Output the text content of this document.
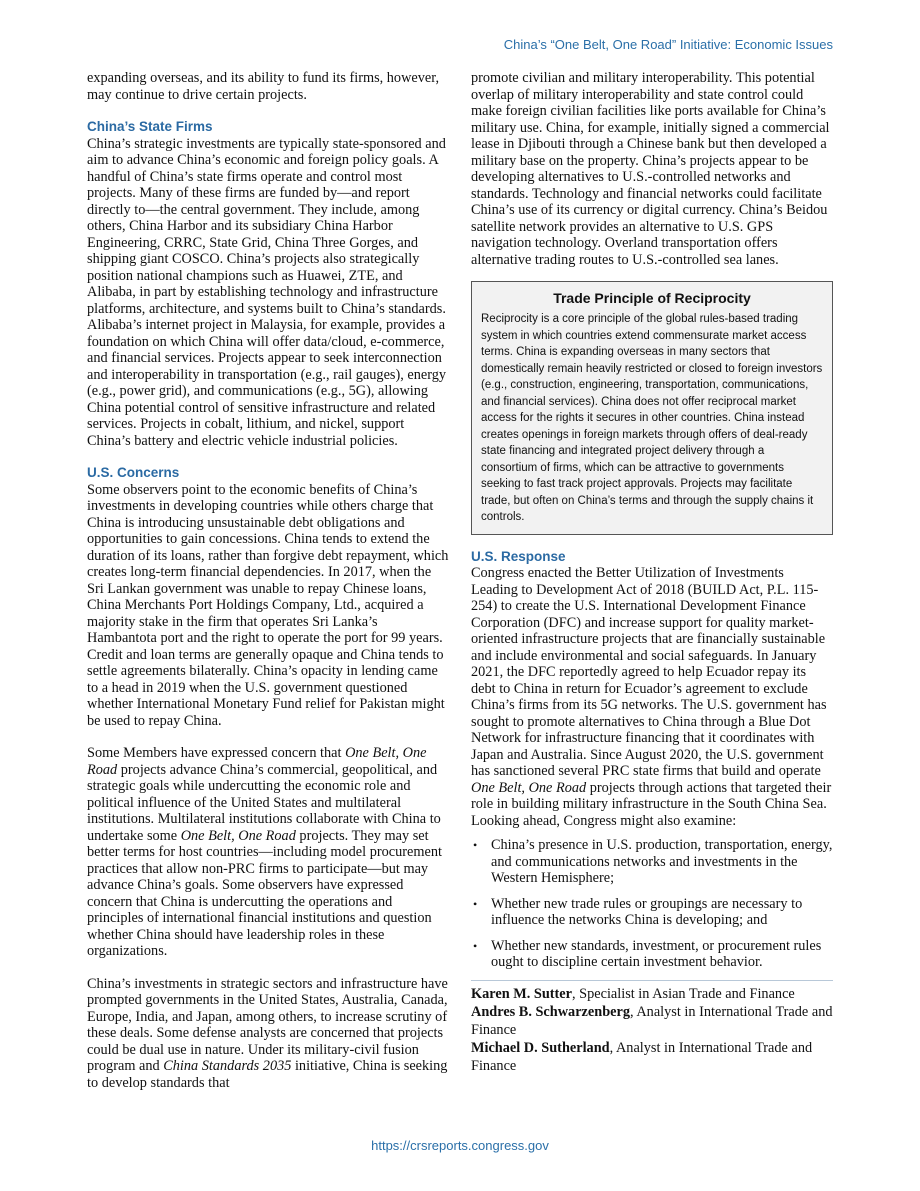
China’s “One Belt, One Road” Initiative: Economic Issues

expanding overseas, and its ability to fund its firms, however, may continue to drive certain projects.

China’s State Firms

China’s strategic investments are typically state-sponsored and aim to advance China’s economic and foreign policy goals. A handful of China’s state firms operate and control most projects. Many of these firms are funded by—and report directly to—the central government. They include, among others, China Harbor and its subsidiary China Harbor Engineering, CRRC, State Grid, China Three Gorges, and shipping giant COSCO. China’s projects also strategically position national champions such as Huawei, ZTE, and Alibaba, in part by establishing technology and infrastructure platforms, architecture, and systems built to China’s standards. Alibaba’s internet project in Malaysia, for example, provides a foundation on which China will offer data/cloud, e-commerce, and financial services. Projects appear to seek interconnection and interoperability in transportation (e.g., rail gauges), energy (e.g., power grid), and communications (e.g., 5G), allowing China potential control of sensitive infrastructure and related services. Projects in cobalt, lithium, and nickel, support China’s battery and electric vehicle industrial policies.

U.S. Concerns

Some observers point to the economic benefits of China’s investments in developing countries while others charge that China is introducing unsustainable debt obligations and opportunities to gain concessions. China tends to extend the duration of its loans, rather than forgive debt repayment, which creates long-term financial dependencies. In 2017, when the Sri Lankan government was unable to repay Chinese loans, China Merchants Port Holdings Company, Ltd., acquired a majority stake in the firm that operates Sri Lanka’s Hambantota port and the right to operate the port for 99 years. Credit and loan terms are generally opaque and China tends to settle agreements bilaterally. China’s opacity in lending came to a head in 2019 when the U.S. government questioned whether International Monetary Fund relief for Pakistan might be used to repay China.

Some Members have expressed concern that One Belt, One Road projects advance China’s commercial, geopolitical, and strategic goals while undercutting the economic role and political influence of the United States and multilateral institutions. Multilateral institutions collaborate with China to undertake some One Belt, One Road projects. They may set better terms for host countries—including model procurement practices that allow non-PRC firms to participate—but may advance China’s goals. Some observers have expressed concern that China is undercutting the operations and principles of international financial institutions and question whether China should have leadership roles in these organizations.

China’s investments in strategic sectors and infrastructure have prompted governments in the United States, Australia, Canada, Europe, India, and Japan, among others, to increase scrutiny of these deals. Some defense analysts are concerned that projects could be dual use in nature. Under its military-civil fusion program and China Standards 2035 initiative, China is seeking to develop standards that

promote civilian and military interoperability. This potential overlap of military interoperability and state control could make foreign civilian facilities like ports available for China’s military use. China, for example, initially signed a commercial lease in Djibouti through a Chinese bank but then developed a military base on the property. China’s projects appear to be developing alternatives to U.S.-controlled networks and standards. Technology and financial networks could facilitate China’s use of its currency or digital currency. China’s Beidou satellite network provides an alternative to U.S. GPS navigation technology. Overland transportation offers alternative trading routes to U.S.-controlled sea lanes.

Trade Principle of Reciprocity

Reciprocity is a core principle of the global rules-based trading system in which countries extend commensurate market access terms. China is expanding overseas in many sectors that domestically remain heavily restricted or closed to foreign investors (e.g., construction, engineering, transportation, communications, and financial services). China does not offer reciprocal market access for the rights it secures in other countries. China instead creates openings in foreign markets through offers of deal-ready state financing and integrated project delivery through a consortium of firms, which can be attractive to governments seeking to fast track project approvals. Projects may facilitate trade, but often on China’s terms and through the supply chains it controls.

U.S. Response

Congress enacted the Better Utilization of Investments Leading to Development Act of 2018 (BUILD Act, P.L. 115-254) to create the U.S. International Development Finance Corporation (DFC) and increase support for quality market-oriented infrastructure projects that are financially sustainable and include environmental and social safeguards. In January 2021, the DFC reportedly agreed to help Ecuador repay its debt to China in return for Ecuador’s agreement to exclude China’s firms from its 5G networks. The U.S. government has sought to promote alternatives to China through a Blue Dot Network for infrastructure financing that it coordinates with Japan and Australia. Since August 2020, the U.S. government has sanctioned several PRC state firms that build and operate One Belt, One Road projects through actions that targeted their role in building military infrastructure in the South China Sea. Looking ahead, Congress might also examine:

• China’s presence in U.S. production, transportation, energy, and communications networks and investments in the Western Hemisphere;
• Whether new trade rules or groupings are necessary to influence the networks China is developing; and
• Whether new standards, investment, or procurement rules ought to discipline certain investment behavior.

Karen M. Sutter, Specialist in Asian Trade and Finance

Andres B. Schwarzenberg, Analyst in International Trade and Finance

Michael D. Sutherland, Analyst in International Trade and Finance

https://crsreports.congress.gov
